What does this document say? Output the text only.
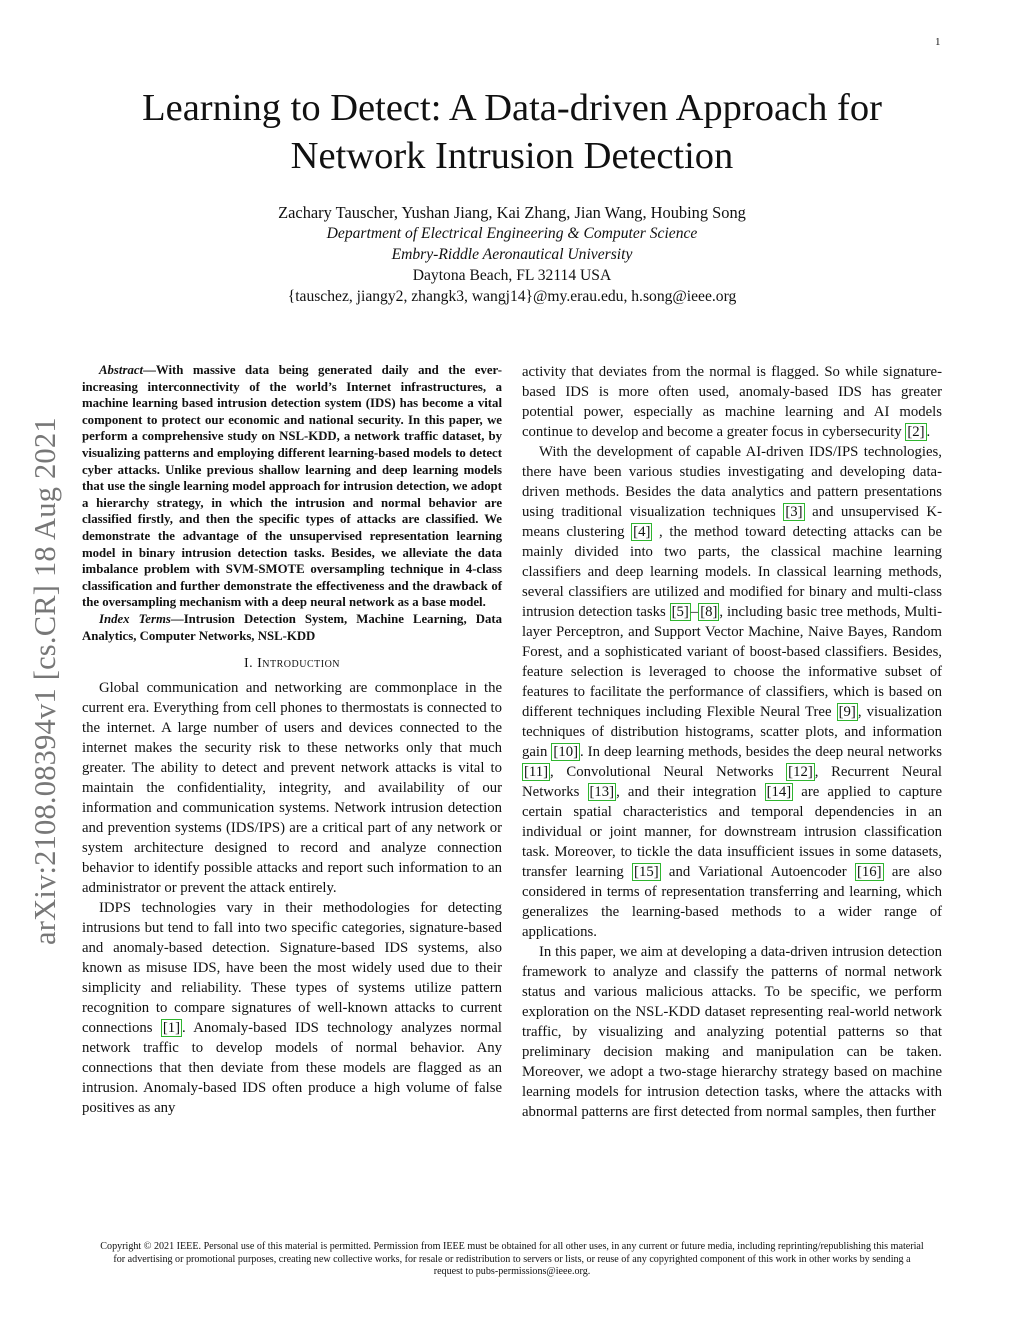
1
arXiv:2108.08394v1 [cs.CR] 18 Aug 2021
Learning to Detect: A Data-driven Approach for
Network Intrusion Detection
Zachary Tauscher, Yushan Jiang, Kai Zhang, Jian Wang, Houbing Song
Department of Electrical Engineering & Computer Science
Embry-Riddle Aeronautical University
Daytona Beach, FL 32114 USA
{tauschez, jiangy2, zhangk3, wangj14}@my.erau.edu, h.song@ieee.org

Abstract—With massive data being generated daily and the ever-increasing interconnectivity of the world’s Internet infrastructures, a machine learning based intrusion detection system (IDS) has become a vital component to protect our economic and national security. In this paper, we perform a comprehensive study on NSL-KDD, a network traffic dataset, by visualizing patterns and employing different learning-based models to detect cyber attacks. Unlike previous shallow learning and deep learning models that use the single learning model approach for intrusion detection, we adopt a hierarchy strategy, in which the intrusion and normal behavior are classified firstly, and then the specific types of attacks are classified. We demonstrate the advantage of the unsupervised representation learning model in binary intrusion detection tasks. Besides, we alleviate the data imbalance problem with SVM-SMOTE oversampling technique in 4-class classification and further demonstrate the effectiveness and the drawback of the oversampling mechanism with a deep neural network as a base model.

Index Terms—Intrusion Detection System, Machine Learning, Data Analytics, Computer Networks, NSL-KDD

I. Introduction

Global communication and networking are commonplace in the current era. Everything from cell phones to thermostats is connected to the internet. A large number of users and devices connected to the internet makes the security risk to these networks only that much greater. The ability to detect and prevent network attacks is vital to maintain the confidentiality, integrity, and availability of our information and communication systems. Network intrusion detection and prevention systems (IDS/IPS) are a critical part of any network or system architecture designed to record and analyze connection behavior to identify possible attacks and report such information to an administrator or prevent the attack entirely.

IDPS technologies vary in their methodologies for detecting intrusions but tend to fall into two specific categories, signature-based and anomaly-based detection. Signature-based IDS systems, also known as misuse IDS, have been the most widely used due to their simplicity and reliability. These types of systems utilize pattern recognition to compare signatures of well-known attacks to current connections [1] . Anomaly-based IDS technology analyzes normal network traffic to develop models of normal behavior. Any connections that then deviate from these models are flagged as an intrusion. Anomaly-based IDS often produce a high volume of false positives as any

activity that deviates from the normal is flagged. So while signature-based IDS is more often used, anomaly-based IDS has greater potential power, especially as machine learning and AI models continue to develop and become a greater focus in cybersecurity [2] .

With the development of capable AI-driven IDS/IPS technologies, there have been various studies investigating and developing data-driven methods. Besides the data analytics and pattern presentations using traditional visualization techniques [3] and unsupervised K-means clustering [4] , the method toward detecting attacks can be mainly divided into two parts, the classical machine learning classifiers and deep learning models. In classical learning methods, several classifiers are utilized and modified for binary and multi-class intrusion detection tasks [5] – [8] , including basic tree methods, Multilayer Perceptron, and Support Vector Machine, Naive Bayes, Random Forest, and a sophisticated variant of boost-based classifiers. Besides, feature selection is leveraged to choose the informative subset of features to facilitate the performance of classifiers, which is based on different techniques including Flexible Neural Tree [9] , visualization techniques of distribution histograms, scatter plots, and information gain [10] . In deep learning methods, besides the deep neural networks [11] , Convolutional Neural Networks [12] , Recurrent Neural Networks [13] , and their integration [14] are applied to capture certain spatial characteristics and temporal dependencies in an individual or joint manner, for downstream intrusion classification task. Moreover, to tickle the data insufficient issues in some datasets, transfer learning [15] and Variational Autoencoder [16] are also considered in terms of representation transferring and learning, which generalizes the learning-based methods to a wider range of applications.

In this paper, we aim at developing a data-driven intrusion detection framework to analyze and classify the patterns of normal network status and various malicious attacks. To be specific, we perform exploration on the NSL-KDD dataset representing real-world network traffic, by visualizing and analyzing potential patterns so that preliminary decision making and manipulation can be taken. Moreover, we adopt a two-stage hierarchy strategy based on machine learning models for intrusion detection tasks, where the attacks with abnormal patterns are first detected from normal samples, then further

Copyright © 2021 IEEE. Personal use of this material is permitted. Permission from IEEE must be obtained for all other uses, in any current or future media, including reprinting/republishing this material for advertising or promotional purposes, creating new collective works, for resale or redistribution to servers or lists, or reuse of any copyrighted component of this work in other works by sending a request to pubs-permissions@ieee.org.
